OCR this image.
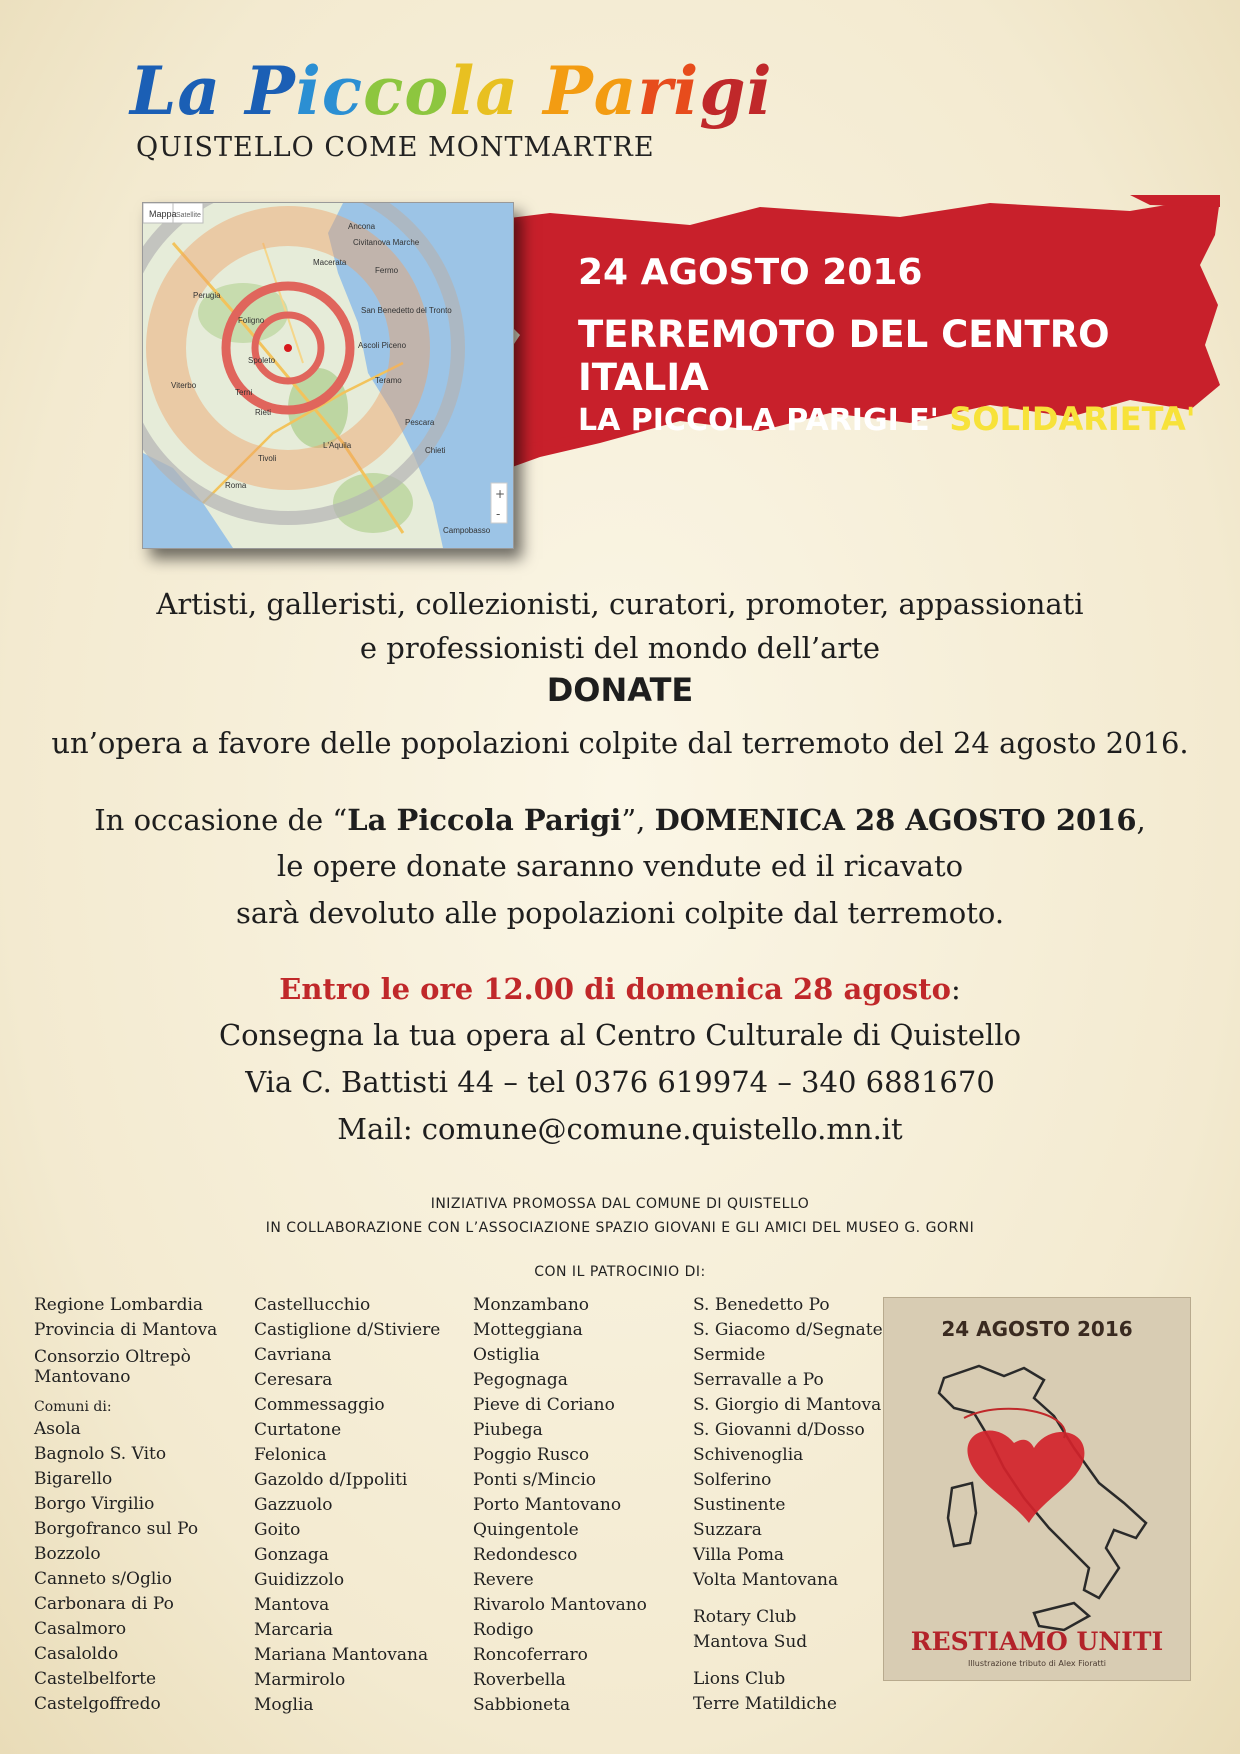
La Piccola Parigi
QUISTELLO COME MONTMARTRE
24 AGOSTO 2016
TERREMOTO DEL CENTRO ITALIA
LA PICCOLA PARIGI E' SOLIDARIETA'
Mappa Satellite
+
-
Ancona
Perugia
Foligno
Spoleto
Terni
Rieti
L'Aquila
Roma
Ascoli Piceno
Teramo
Pescara
Tivoli
Campobasso
Civitanova Marche
San Benedetto del Tronto
Fermo
Macerata
Viterbo
Chieti
Artisti, galleristi, collezionisti, curatori, promoter, appassionati
e professionisti del mondo dell’arte
DONATE
un’opera a favore delle popolazioni colpite dal terremoto del 24 agosto 2016.
In occasione de “La Piccola Parigi”, DOMENICA 28 AGOSTO 2016,
le opere donate saranno vendute ed il ricavato
sarà devoluto alle popolazioni colpite dal terremoto.
Entro le ore 12.00 di domenica 28 agosto:
Consegna la tua opera al Centro Culturale di Quistello
Via C. Battisti 44 – tel 0376 619974 – 340 6881670
Mail: comune@comune.quistello.mn.it
INIZIATIVA PROMOSSA DAL COMUNE DI QUISTELLO
IN COLLABORAZIONE CON L’ASSOCIAZIONE SPAZIO GIOVANI E GLI AMICI DEL MUSEO G. GORNI
CON IL PATROCINIO DI:
Regione Lombardia
Provincia di Mantova
Consorzio Oltrepò
Mantovano
Comuni di:
Asola
Bagnolo S. Vito
Bigarello
Borgo Virgilio
Borgofranco sul Po
Bozzolo
Canneto s/Oglio
Carbonara di Po
Casalmoro
Casaloldo
Castelbelforte
Castelgoffredo
Castellucchio
Castiglione d/Stiviere
Cavriana
Ceresara
Commessaggio
Curtatone
Felonica
Gazoldo d/Ippoliti
Gazzuolo
Goito
Gonzaga
Guidizzolo
Mantova
Marcaria
Mariana Mantovana
Marmirolo
Moglia
Monzambano
Motteggiana
Ostiglia
Pegognaga
Pieve di Coriano
Piubega
Poggio Rusco
Ponti s/Mincio
Porto Mantovano
Quingentole
Redondesco
Revere
Rivarolo Mantovano
Rodigo
Roncoferraro
Roverbella
Sabbioneta
S. Benedetto Po
S. Giacomo d/Segnate
Sermide
Serravalle a Po
S. Giorgio di Mantova
S. Giovanni d/Dosso
Schivenoglia
Solferino
Sustinente
Suzzara
Villa Poma
Volta Mantovana
Rotary Club
Mantova Sud
Lions Club
Terre Matildiche
24 AGOSTO 2016
RESTIAMO UNITI
Illustrazione tributo di Alex Fioratti
